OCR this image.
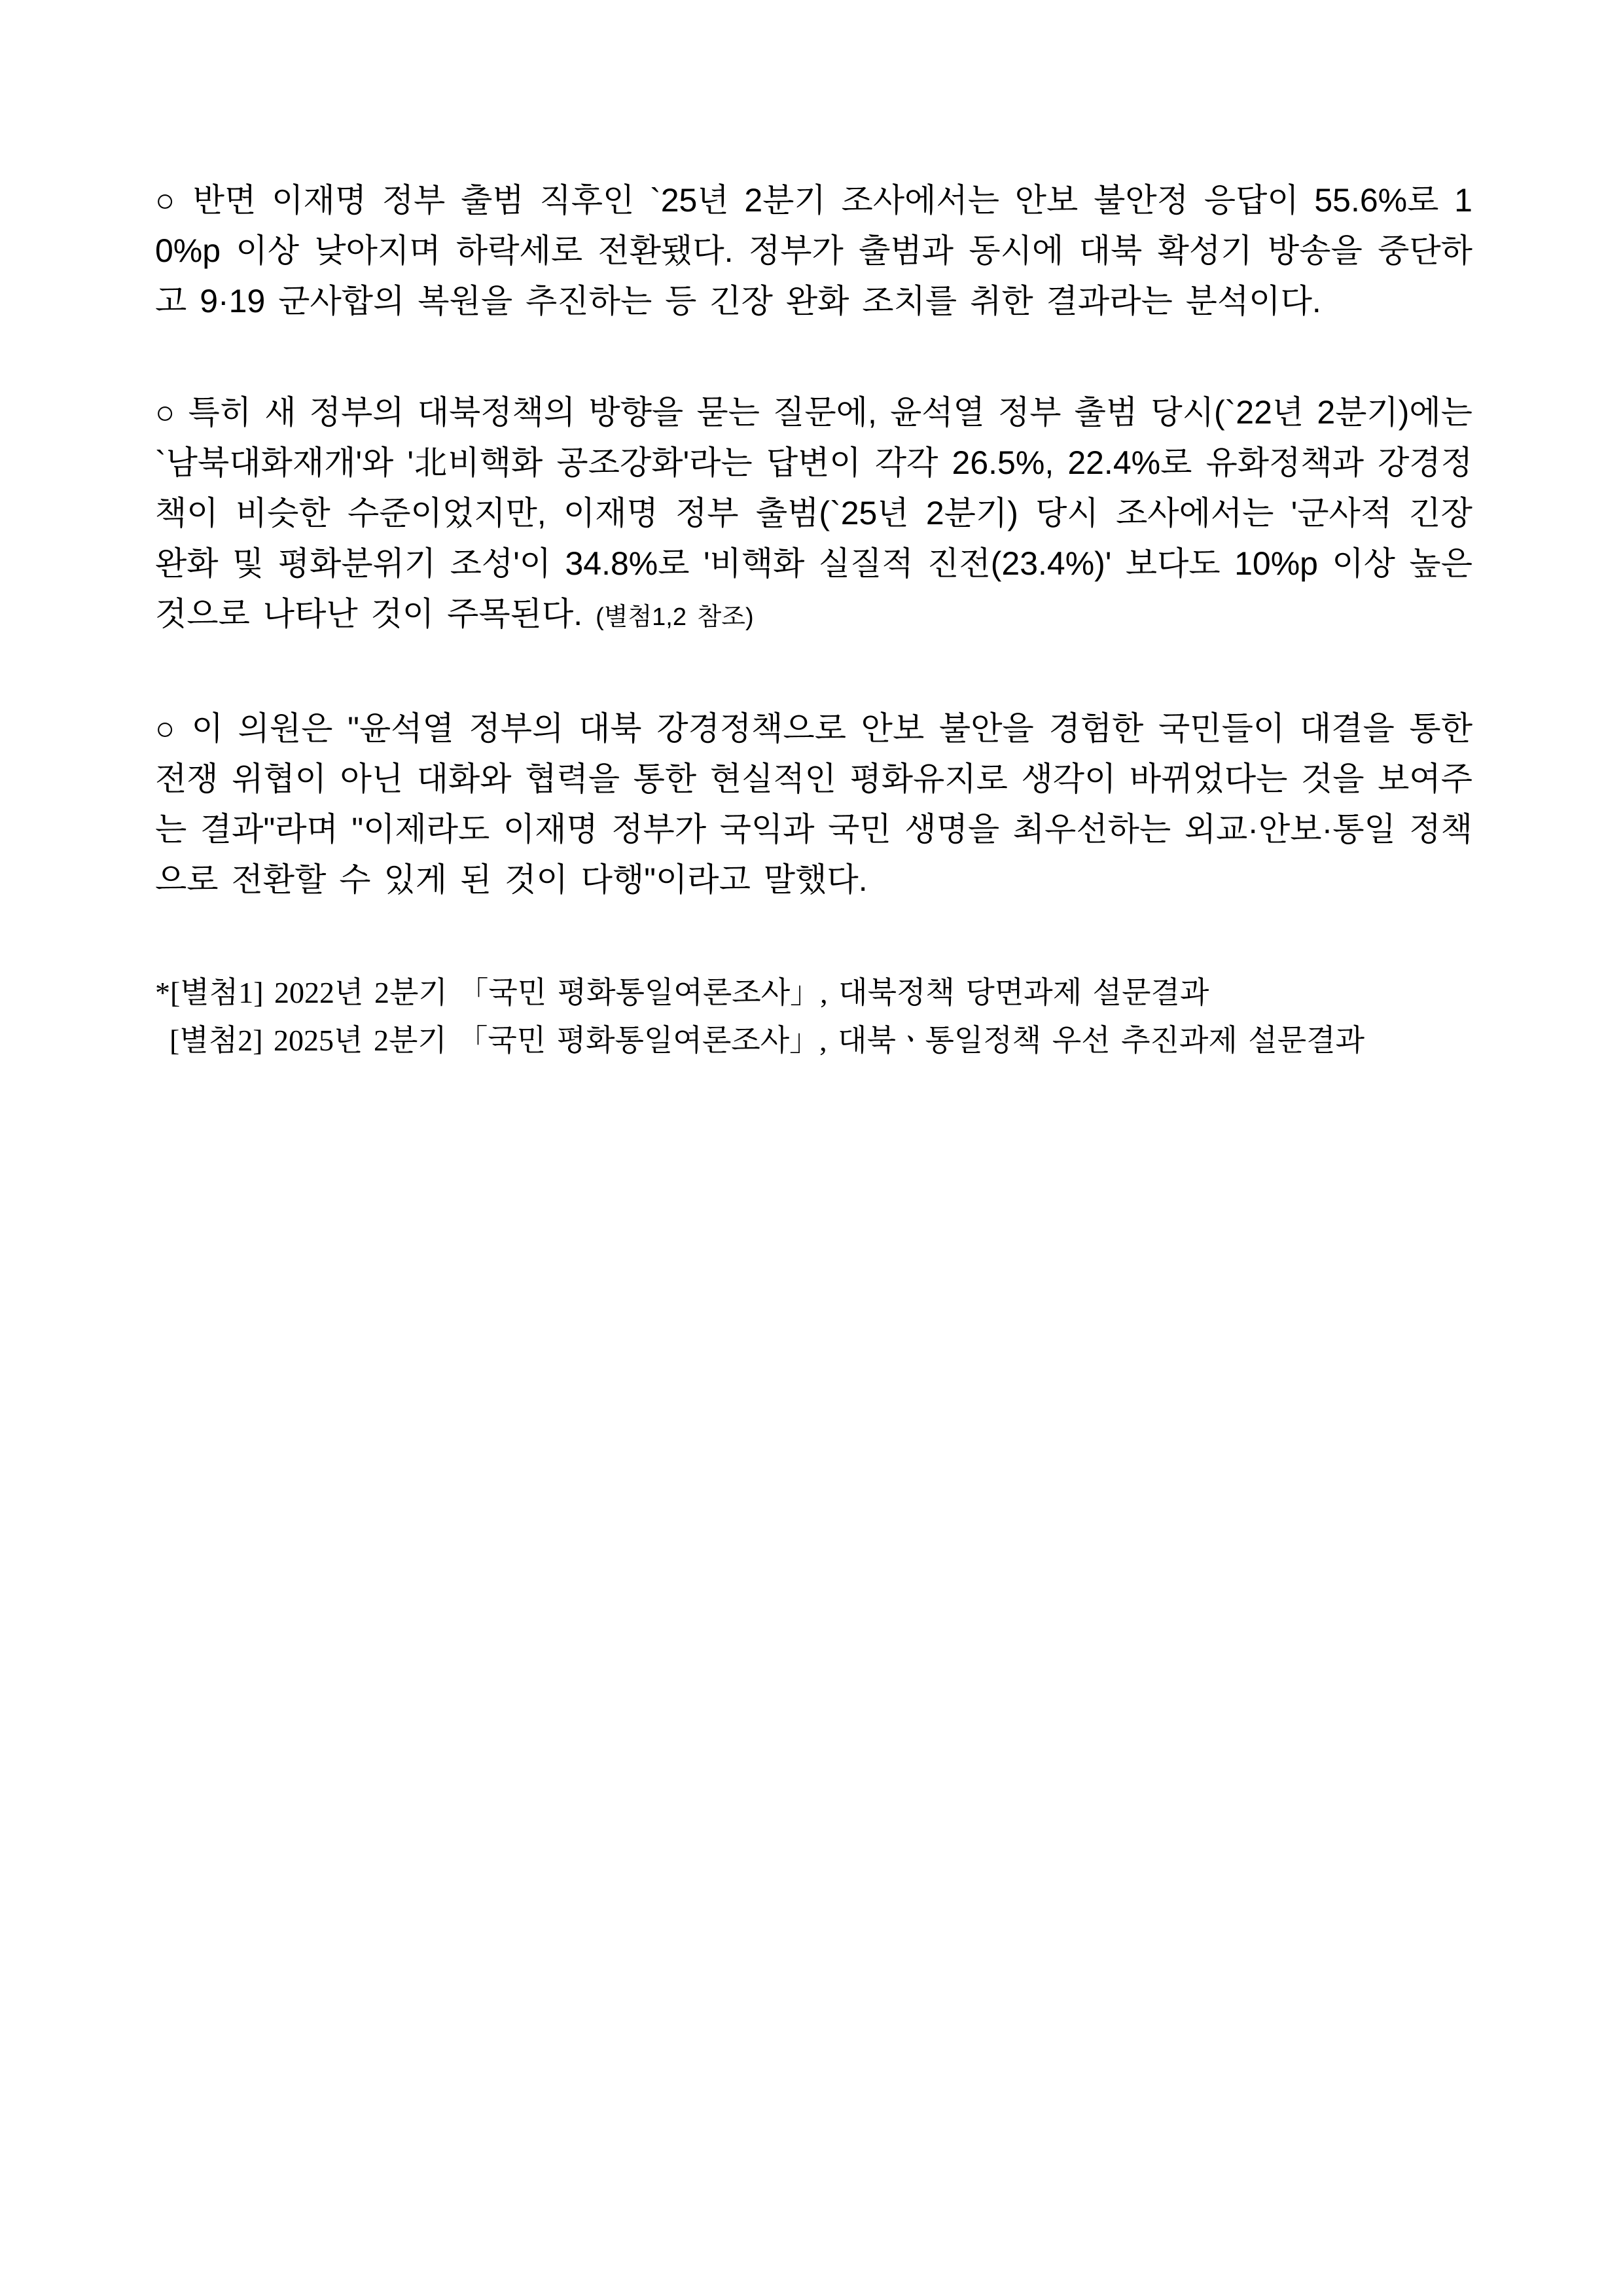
○ 반면 이재명 정부 출범 직후인 `25년 2분기 조사에서는 안보 불안정 응답이 55.6%로 10%p 이상 낮아지며 하락세로 전환됐다. 정부가 출범과 동시에 대북 확성기 방송을 중단하고 9·19 군사합의 복원을 추진하는 등 긴장 완화 조치를 취한 결과라는 분석이다.

○ 특히 새 정부의 대북정책의 방향을 묻는 질문에, 윤석열 정부 출범 당시(`22년 2분기)에는 `남북대화재개'와 '北비핵화 공조강화'라는 답변이 각각 26.5%, 22.4%로 유화정책과 강경정책이 비슷한 수준이었지만, 이재명 정부 출범(`25년 2분기) 당시 조사에서는 '군사적 긴장 완화 및 평화분위기 조성'이 34.8%로 '비핵화 실질적 진전(23.4%)' 보다도 10%p 이상 높은 것으로 나타난 것이 주목된다. (별첨1,2 참조)

○ 이 의원은 "윤석열 정부의 대북 강경정책으로 안보 불안을 경험한 국민들이 대결을 통한 전쟁 위협이 아닌 대화와 협력을 통한 현실적인 평화유지로 생각이 바뀌었다는 것을 보여주는 결과"라며 "이제라도 이재명 정부가 국익과 국민 생명을 최우선하는 외교·안보·통일 정책으로 전환할 수 있게 된 것이 다행"이라고 말했다.

*[별첨1] 2022년 2분기 「국민 평화통일여론조사」, 대북정책 당면과제 설문결과
[별첨2] 2025년 2분기 「국민 평화통일여론조사」, 대북ㆍ통일정책 우선 추진과제 설문결과
